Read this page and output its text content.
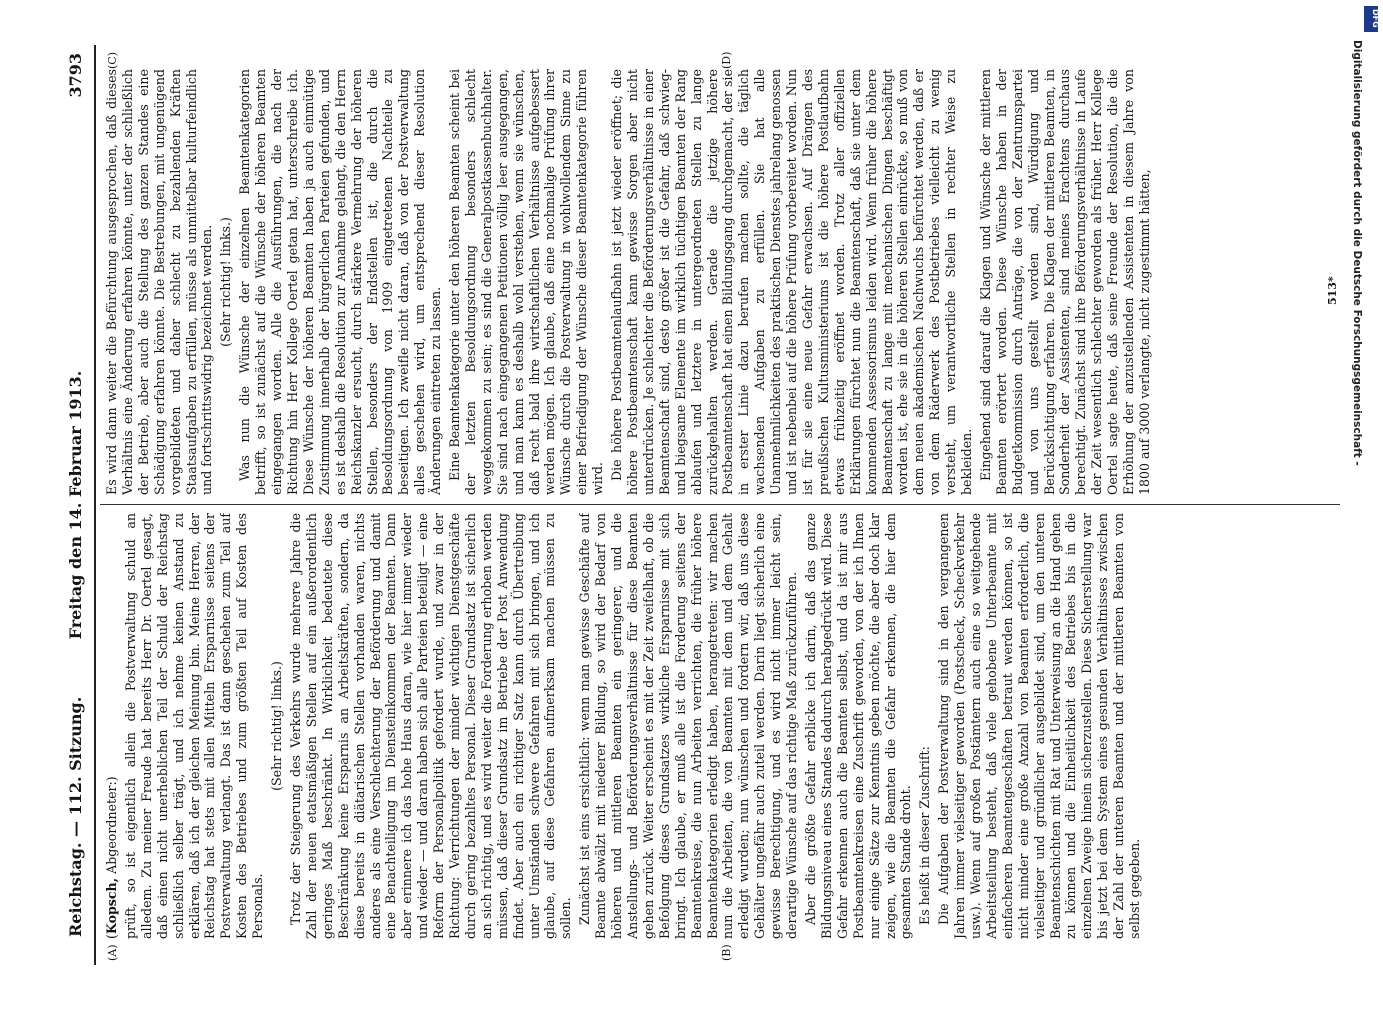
Reichstag. — 112. Sitzung.
Freitag den 14. Februar 1913.
3793
(A)	(B)
(C)	(D)

(Kopsch, Abgeordneter:) prüft, so ist eigentlich allein die Postverwaltung schuld an alledem. Zu meiner Freude hat bereits Herr Dr. Oertel gesagt, daß einen nicht unerheblichen Teil der Schuld der Reichstag schließlich selber trägt, und ich nehme keinen Anstand zu erklären, daß ich der gleichen Meinung bin. Meine Herren, der Reichstag hat stets mit allen Mitteln Ersparnisse seitens der Postverwaltung verlangt. Das ist dann geschehen zum Teil auf Kosten des Betriebes und zum größten Teil auf Kosten des Personals.

(Sehr richtig! links.) Trotz der Steigerung des Verkehrs wurde mehrere Jahre die Zahl der neuen etatsmäßigen Stellen auf ein außerordentlich geringes Maß beschränkt. In Wirklichkeit bedeutete diese Beschränkung keine Ersparnis an Arbeitskräften, sondern, da diese bereits in diätarischen Stellen vorhanden waren, nichts anderes als eine Verschlechterung der Beförderung und damit eine Benachteiligung im Diensteinkommen der Beamten. Dann aber erinnere ich das hohe Haus daran, wie hier immer wieder und wieder — und daran haben sich alle Parteien beteiligt — eine Reform der Personalpolitik gefordert wurde, und zwar in der Richtung: Verrichtungen der minder wichtigen Dienstgeschäfte durch gering bezahltes Personal. Dieser Grundsatz ist sicherlich an sich richtig, und es wird weiter die Forderung erhoben werden müssen, daß dieser Grundsatz im Betriebe der Post Anwendung findet. Aber auch ein richtiger Satz kann durch Übertreibung unter Umständen schwere Gefahren mit sich bringen, und ich glaube, auf diese Gefahren aufmerksam machen müssen zu sollen. Zunächst ist eins ersichtlich: wenn man gewisse Geschäfte auf Beamte abwälzt mit niederer Bildung, so wird der Bedarf von höheren und mittleren Beamten ein geringerer, und die Anstellungs- und Beförderungsverhältnisse für diese Beamten gehen zurück. Weiter erscheint es mit der Zeit zweifelhaft, ob die Befolgung dieses Grundsatzes wirkliche Ersparnisse mit sich bringt. Ich glaube, er muß alle ist die Forderung seitens der Beamtenkreise, die nun Arbeiten verrichten, die früher höhere Beamtenkategorien erledigt haben, herangetreten: wir machen nun die Arbeiten, die von Beamten mit dem und dem Gehalt erledigt wurden; nun wünschen und fordern wir, daß uns diese Gehälter ungefähr auch zuteil werden. Darin liegt sicherlich eine gewisse Berechtigung, und es wird nicht immer leicht sein, derartige Wünsche auf das richtige Maß zurückzuführen. Aber die größte Gefahr erblicke ich darin, daß das ganze Bildungsniveau eines Standes dadurch herabgedrückt wird. Diese Gefahr erkennen auch die Beamten selbst, und da ist mir aus Postbeamtenkreisen eine Zuschrift geworden, von der ich Ihnen nur einige Sätze zur Kenntnis geben möchte, die aber doch klar zeigen, wie die Beamten die Gefahr erkennen, die hier dem gesamten Stande droht. Es heißt in dieser Zuschrift: Die Aufgaben der Postverwaltung sind in den vergangenen Jahren immer vielseitiger geworden (Postscheck, Scheckverkehr usw.). Wenn auf großen Postämtern auch eine so weitgehende Arbeitsteilung besteht, daß viele gehobene Unterbeamte mit einfacheren Beamtengeschäften betraut werden können, so ist nicht minder eine große Anzahl von Beamten erforderlich, die vielseitiger und gründlicher ausgebildet sind, um den unteren Beamtenschichten mit Rat und Unterweisung an die Hand gehen zu können und die Einheitlichkeit des Betriebes bis in die einzelnen Zweige hinein sicherzustellen. Diese Sicherstellung war bis jetzt bei dem System eines gesunden Verhältnisses zwischen der Zahl der unteren Beamten und der mittleren Beamten von selbst gegeben.

Es wird dann weiter die Befürchtung ausgesprochen, daß dieses Verhältnis eine Änderung erfahren könnte, unter der schließlich der Betrieb, aber auch die Stellung des ganzen Standes eine Schädigung erfahren könnte. Die Bestrebungen, mit ungenügend vorgebildeten und daher schlecht zu bezahlenden Kräften Staatsaufgaben zu erfüllen, müsse als unmittelbar kulturfeindlich und fortschrittswidrig bezeichnet werden. (Sehr richtig! links.) Was nun die Wünsche der einzelnen Beamtenkategorien betrifft, so ist zunächst auf die Wünsche der höheren Beamten eingegangen worden. Alle die Ausführungen, die nach der Richtung hin Herr Kollege Oertel getan hat, unterschreibe ich. Diese Wünsche der höheren Beamten haben ja auch einmütige Zustimmung innerhalb der bürgerlichen Parteien gefunden, und es ist deshalb die Resolution zur Annahme gelangt, die den Herrn Reichskanzler ersucht, durch stärkere Vermehrung der höheren Stellen, besonders der Endstellen ist, die durch die Besoldungsordnung von 1909 eingetretenen Nachteile zu beseitigen. Ich zweifle nicht daran, daß von der Postverwaltung alles geschehen wird, um entsprechend dieser Resolution Änderungen eintreten zu lassen. Eine Beamtenkategorie unter den höheren Beamten scheint bei der letzten Besoldungsordnung besonders schlecht weggekommen zu sein; es sind die Generalpostkassenbuchhalter. Sie sind nach eingegangenen Petitionen völlig leer ausgegangen, und man kann es deshalb wohl verstehen, wenn sie wünschen, daß recht bald ihre wirtschaftlichen Verhältnisse aufgebessert werden mögen. Ich glaube, daß eine nochmalige Prüfung ihrer Wünsche durch die Postverwaltung in wohlwollendem Sinne zu einer Befriedigung der Wünsche dieser Beamtenkategorie führen wird. Die höhere Postbeamtenlaufbahn ist jetzt wieder eröffnet; die höhere Postbeamtenschaft kann gewisse Sorgen aber nicht unterdrücken. Je schlechter die Beförderungsverhältnisse in einer Beamtenschaft sind, desto größer ist die Gefahr, daß schwieg- und biegsame Elemente im wirklich tüchtigen Beamten der Rang ablaufen und letztere in untergeordneten Stellen zu lange zurückgehalten werden. Gerade die jetzige höhere Postbeamtenschaft hat einen Bildungsgang durchgemacht, der sie in erster Linie dazu berufen machen sollte, die täglich wachsenden Aufgaben zu erfüllen. Sie hat alle Unannehmlichkeiten des praktischen Dienstes jahrelang genossen und ist nebenbei auf die höhere Prüfung vorbereitet worden. Nun ist für sie eine neue Gefahr erwachsen. Auf Drängen des preußischen Kultusministeriums ist die höhere Postlaufbahn etwas frühzeitig eröffnet worden. Trotz aller offiziellen Erklärungen fürchtet nun die Beamtenschaft, daß sie unter dem kommenden Assessorismus leiden wird. Wenn früher die höhere Beamtenschaft zu lange mit mechanischen Dingen beschäftigt worden ist, ehe sie in die höheren Stellen einrückte, so muß von dem neuen akademischen Nachwuchs befürchtet werden, daß er von dem Räderwerk des Postbetriebes vielleicht zu wenig versteht, um verantwortliche Stellen in rechter Weise zu bekleiden. Eingehend sind darauf die Klagen und Wünsche der mittleren Beamten erörtert worden. Diese Wünsche haben in der Budgetkommission durch Anträge, die von der Zentrumspartei und von uns gestellt worden sind, Würdigung und Berücksichtigung erfahren. Die Klagen der mittleren Beamten, in Sonderheit der Assistenten, sind meines Erachtens durchaus berechtigt. Zunächst sind ihre Beförderungsverhältnisse in Laufe der Zeit wesentlich schlechter geworden als früher. Herr Kollege Oertel sagte heute, daß seine Freunde der Resolution, die die Erhöhung der anzustellenden Assistenten in diesem Jahre von 1800 auf 3000 verlangte, nicht zugestimmt hätten,	513*
DFG
Digitalisierung gefördert durch die Deutsche Forschungsgemeinschaft -
